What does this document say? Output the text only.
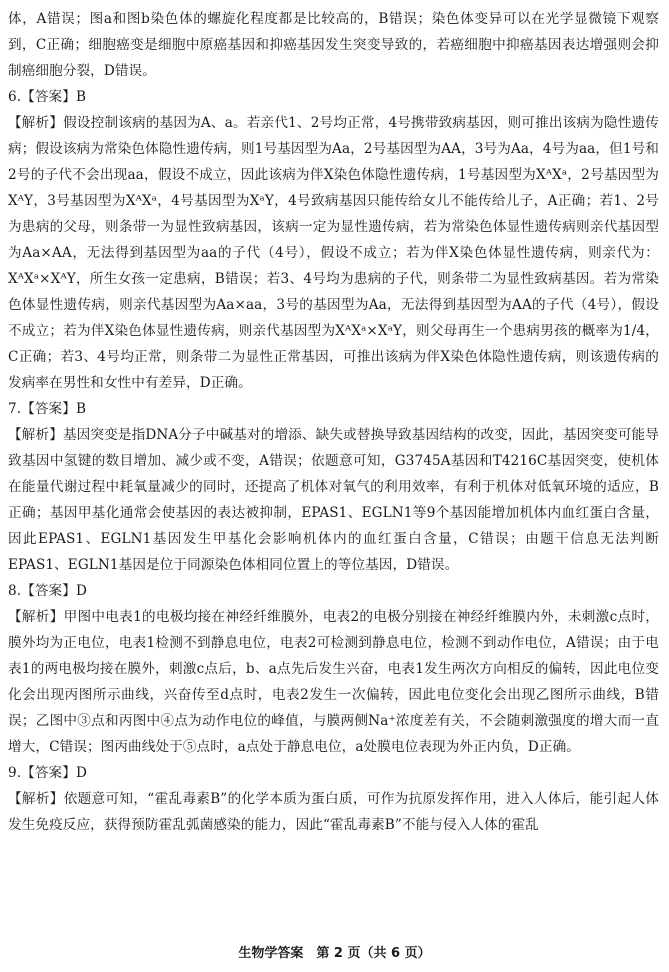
体，A错误；图a和图b染色体的螺旋化程度都是比较高的，B错误；染色体变异可以在光学显微镜下观察到，C正确；细胞癌变是细胞中原癌基因和抑癌基因发生突变导致的，若癌细胞中抑癌基因表达增强则会抑制癌细胞分裂，D错误。

6.【答案】B

【解析】假设控制该病的基因为A、a。若亲代1、2号均正常，4号携带致病基因，则可推出该病为隐性遗传病；假设该病为常染色体隐性遗传病，则1号基因型为Aa，2号基因型为AA，3号为Aa，4号为aa，但1号和2号的子代不会出现aa，假设不成立，因此该病为伴X染色体隐性遗传病，1号基因型为XᴬXᵃ，2号基因型为XᴬY，3号基因型为XᴬXᵃ，4号基因型为XᵃY，4号致病基因只能传给女儿不能传给儿子，A正确；若1、2号为患病的父母，则条带一为显性致病基因，该病一定为显性遗传病，若为常染色体显性遗传病则亲代基因型为Aa×AA，无法得到基因型为aa的子代（4号），假设不成立；若为伴X染色体显性遗传病，则亲代为：XᴬXᵃ×XᴬY，所生女孩一定患病，B错误；若3、4号均为患病的子代，则条带二为显性致病基因。若为常染色体显性遗传病，则亲代基因型为Aa×aa，3号的基因型为Aa，无法得到基因型为AA的子代（4号），假设不成立；若为伴X染色体显性遗传病，则亲代基因型为XᴬXᵃ×XᵃY，则父母再生一个患病男孩的概率为1/4，C正确；若3、4号均正常，则条带二为显性正常基因，可推出该病为伴X染色体隐性遗传病，则该遗传病的发病率在男性和女性中有差异，D正确。

7.【答案】B

【解析】基因突变是指DNA分子中碱基对的增添、缺失或替换导致基因结构的改变，因此，基因突变可能导致基因中氢键的数目增加、减少或不变，A错误；依题意可知，G3745A基因和T4216C基因突变，使机体在能量代谢过程中耗氧量减少的同时，还提高了机体对氧气的利用效率，有利于机体对低氧环境的适应，B正确；基因甲基化通常会使基因的表达被抑制，EPAS1、EGLN1等9个基因能增加机体内血红蛋白含量，因此EPAS1、EGLN1基因发生甲基化会影响机体内的血红蛋白含量，C错误；由题干信息无法判断EPAS1、EGLN1基因是位于同源染色体相同位置上的等位基因，D错误。

8.【答案】D

【解析】甲图中电表1的电极均接在神经纤维膜外，电表2的电极分别接在神经纤维膜内外，未刺激c点时，膜外均为正电位，电表1检测不到静息电位，电表2可检测到静息电位，检测不到动作电位，A错误；由于电表1的两电极均接在膜外，刺激c点后，b、a点先后发生兴奋，电表1发生两次方向相反的偏转，因此电位变化会出现丙图所示曲线，兴奋传至d点时，电表2发生一次偏转，因此电位变化会出现乙图所示曲线，B错误；乙图中③点和丙图中④点为动作电位的峰值，与膜两侧Na⁺浓度差有关，不会随刺激强度的增大而一直增大，C错误；图丙曲线处于⑤点时，a点处于静息电位，a处膜电位表现为外正内负，D正确。

9.【答案】D

【解析】依题意可知，“霍乱毒素B”的化学本质为蛋白质，可作为抗原发挥作用，进入人体后，能引起人体发生免疫反应，获得预防霍乱弧菌感染的能力，因此“霍乱毒素B”不能与侵入人体的霍乱

生物学答案　第 2 页（共 6 页）
